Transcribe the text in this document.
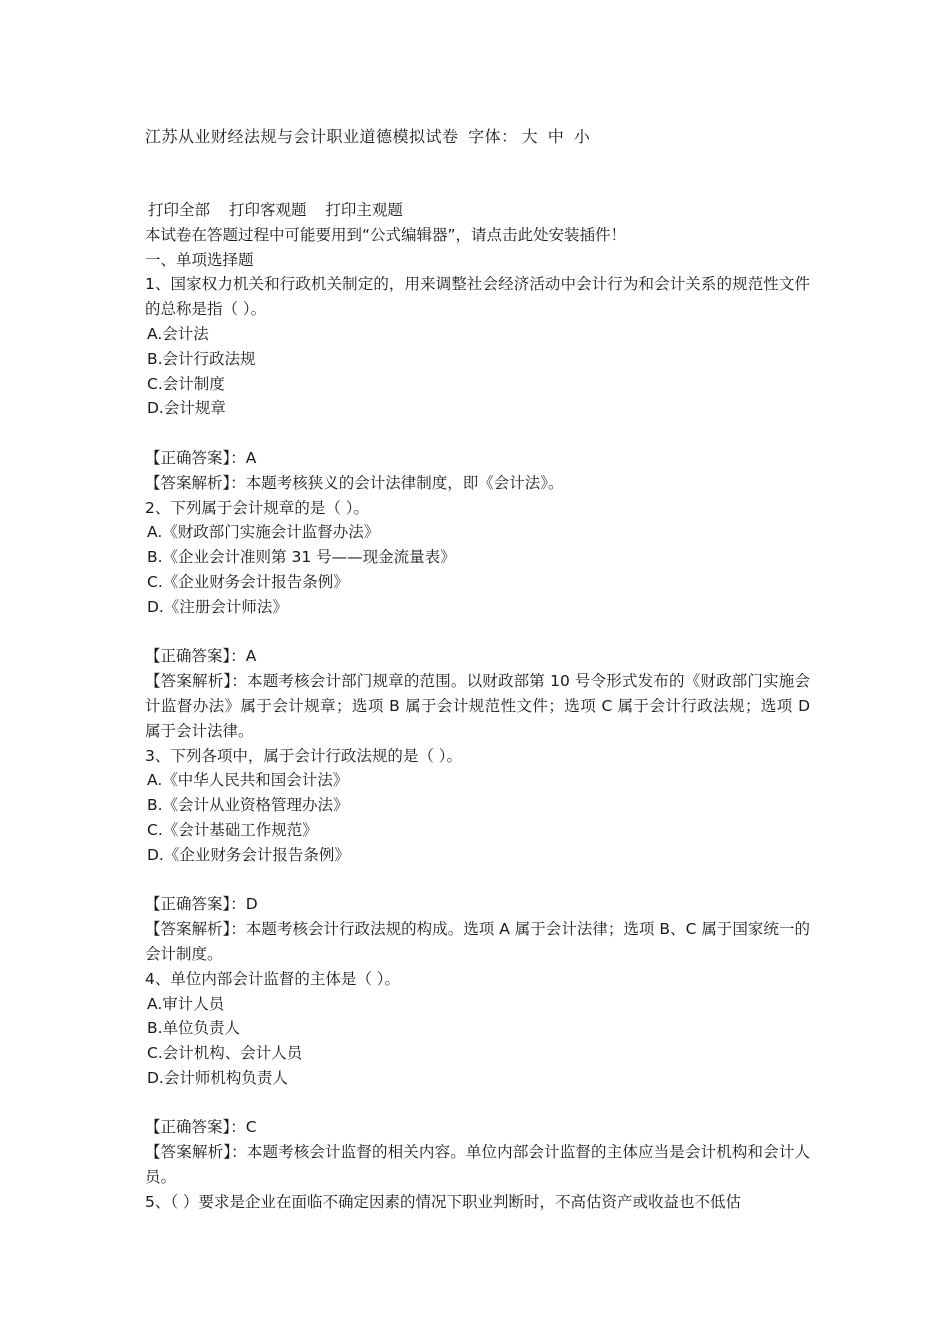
江苏从业财经法规与会计职业道德模拟试卷 字体： 大 中 小
打印全部 打印客观题 打印主观题
本试卷在答题过程中可能要用到“公式编辑器”，请点击此处安装插件！
一、单项选择题
1、国家权力机关和行政机关制定的，用来调整社会经济活动中会计行为和会计关系的规范性文件的总称是指（ ）。
A.会计法
B.会计行政法规
C.会计制度
D.会计规章
【正确答案】：A
【答案解析】：本题考核狭义的会计法律制度，即《会计法》。
2、下列属于会计规章的是（ ）。
A.《财政部门实施会计监督办法》
B.《企业会计准则第 31 号——现金流量表》
C.《企业财务会计报告条例》
D.《注册会计师法》
【正确答案】：A
【答案解析】：本题考核会计部门规章的范围。以财政部第 10 号令形式发布的《财政部门实施会计监督办法》属于会计规章；选项 B 属于会计规范性文件；选项 C 属于会计行政法规；选项 D 属于会计法律。
3、下列各项中，属于会计行政法规的是（ ）。
A.《中华人民共和国会计法》
B.《会计从业资格管理办法》
C.《会计基础工作规范》
D.《企业财务会计报告条例》
【正确答案】：D
【答案解析】：本题考核会计行政法规的构成。选项 A 属于会计法律；选项 B、C 属于国家统一的会计制度。
4、单位内部会计监督的主体是（ ）。
A.审计人员
B.单位负责人
C.会计机构、会计人员
D.会计师机构负责人
【正确答案】：C
【答案解析】：本题考核会计监督的相关内容。单位内部会计监督的主体应当是会计机构和会计人员。
5、（ ）要求是企业在面临不确定因素的情况下职业判断时，不高估资产或收益也不低估
